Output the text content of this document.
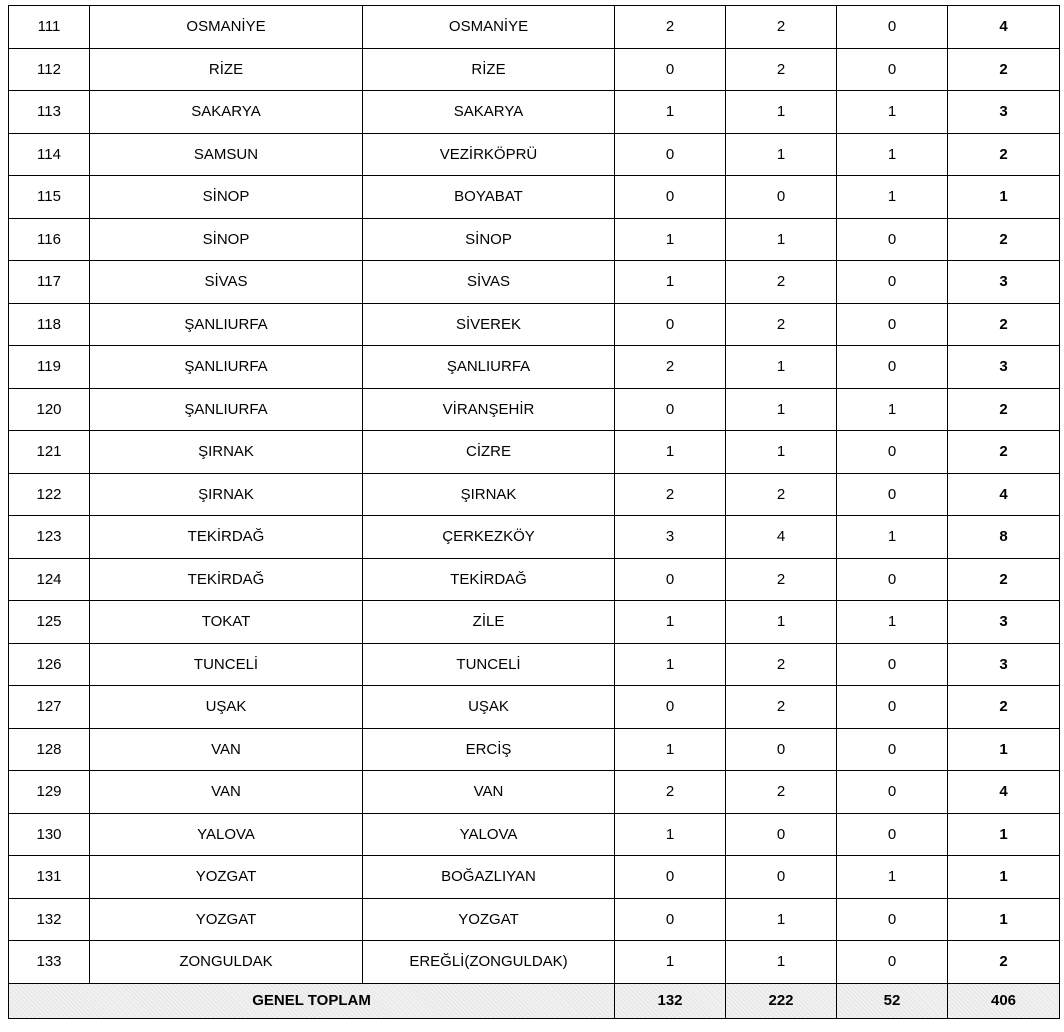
111	OSMANİYE	OSMANİYE	2	2	0	4
112	RİZE	RİZE	0	2	0	2
113	SAKARYA	SAKARYA	1	1	1	3
114	SAMSUN	VEZİRKÖPRÜ	0	1	1	2
115	SİNOP	BOYABAT	0	0	1	1
116	SİNOP	SİNOP	1	1	0	2
117	SİVAS	SİVAS	1	2	0	3
118	ŞANLIURFA	SİVEREK	0	2	0	2
119	ŞANLIURFA	ŞANLIURFA	2	1	0	3
120	ŞANLIURFA	VİRANŞEHİR	0	1	1	2
121	ŞIRNAK	CİZRE	1	1	0	2
122	ŞIRNAK	ŞIRNAK	2	2	0	4
123	TEKİRDAĞ	ÇERKEZKÖY	3	4	1	8
124	TEKİRDAĞ	TEKİRDAĞ	0	2	0	2
125	TOKAT	ZİLE	1	1	1	3
126	TUNCELİ	TUNCELİ	1	2	0	3
127	UŞAK	UŞAK	0	2	0	2
128	VAN	ERCİŞ	1	0	0	1
129	VAN	VAN	2	2	0	4
130	YALOVA	YALOVA	1	0	0	1
131	YOZGAT	BOĞAZLIYAN	0	0	1	1
132	YOZGAT	YOZGAT	0	1	0	1
133	ZONGULDAK	EREĞLİ(ZONGULDAK)	1	1	0	2
GENEL TOPLAM			132	222	52	406
